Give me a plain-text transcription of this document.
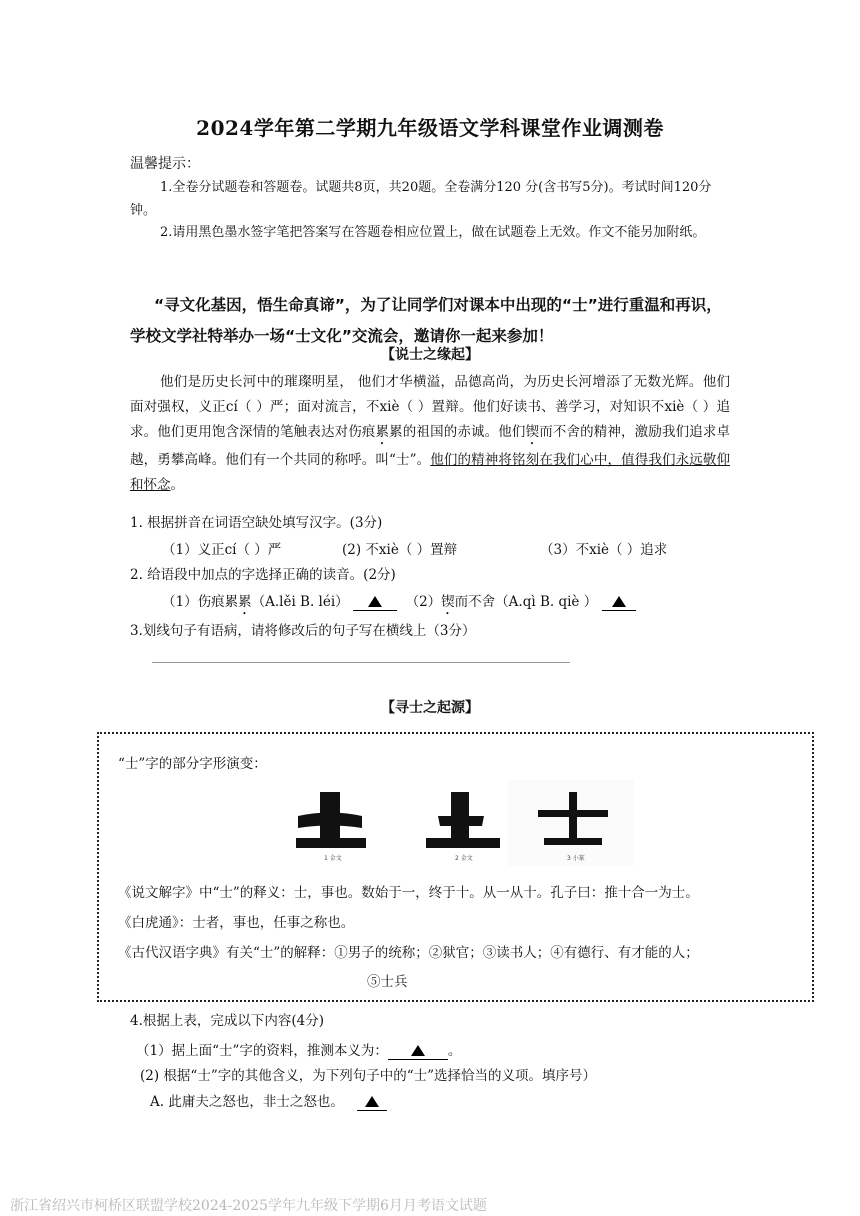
2024学年第二学期九年级语文学科课堂作业调测卷
温馨提示：

1.全卷分试题卷和答题卷。试题共8页，共20题。全卷满分120 分(含书写5分)。考试时间120分钟。

2.请用黑色墨水签字笔把答案写在答题卷相应位置上，做在试题卷上无效。作文不能另加附纸。

“寻文化基因，悟生命真谛”，为了让同学们对课本中出现的“士”进行重温和再识，学校文学社特举办一场“士文化”交流会，邀请你一起来参加！
【说士之缘起】
他们是历史长河中的璀璨明星， 他们才华横溢，品德高尚，为历史长河增添了无数光辉。他们面对强权，义正cí（ ）严；面对流言，不xiè（ ）置辩。他们好读书、善学习，对知识不xiè（ ）追求。他们更用饱含深情的笔触表达对伤痕累累的祖国的赤诚。他们锲而不舍的精神，激励我们追求卓越，勇攀高峰。他们有一个共同的称呼。叫“士”。他们的精神将铭刻在我们心中，值得我们永远敬仰和怀念。
1. 根据拼音在词语空缺处填写汉字。(3分)
（1）义正cí（ ）严	(2) 不xiè（ ）置辩	（3）不xiè（ ）追求
2. 给语段中加点的字选择正确的读音。(2分)
（1）伤痕累累（A.lěi B. léi）	（2）锲而不舍（A.qì B. qiè ）
3.划线句子有语病，请将修改后的句子写在横线上（3分）
【寻士之起源】
“士”字的部分字形演变：
1 金文	2 金文	3 小篆
《说文解字》中“士”的释义：士，事也。数始于一，终于十。从一从十。孔子曰：推十合一为士。
《白虎通》：士者，事也，任事之称也。
《古代汉语字典》有关“士”的解释：①男子的统称；②狱官；③读书人；④有德行、有才能的人；
⑤士兵
4.根据上表，完成以下内容(4分)
（1）据上面“士”字的资料，推测本义为：	。
(2) 根据“士”字的其他含义，为下列句子中的“士”选择恰当的义项。填序号）
A. 此庸夫之怒也，非士之怒也。
浙江省绍兴市柯桥区联盟学校2024-2025学年九年级下学期6月月考语文试题
